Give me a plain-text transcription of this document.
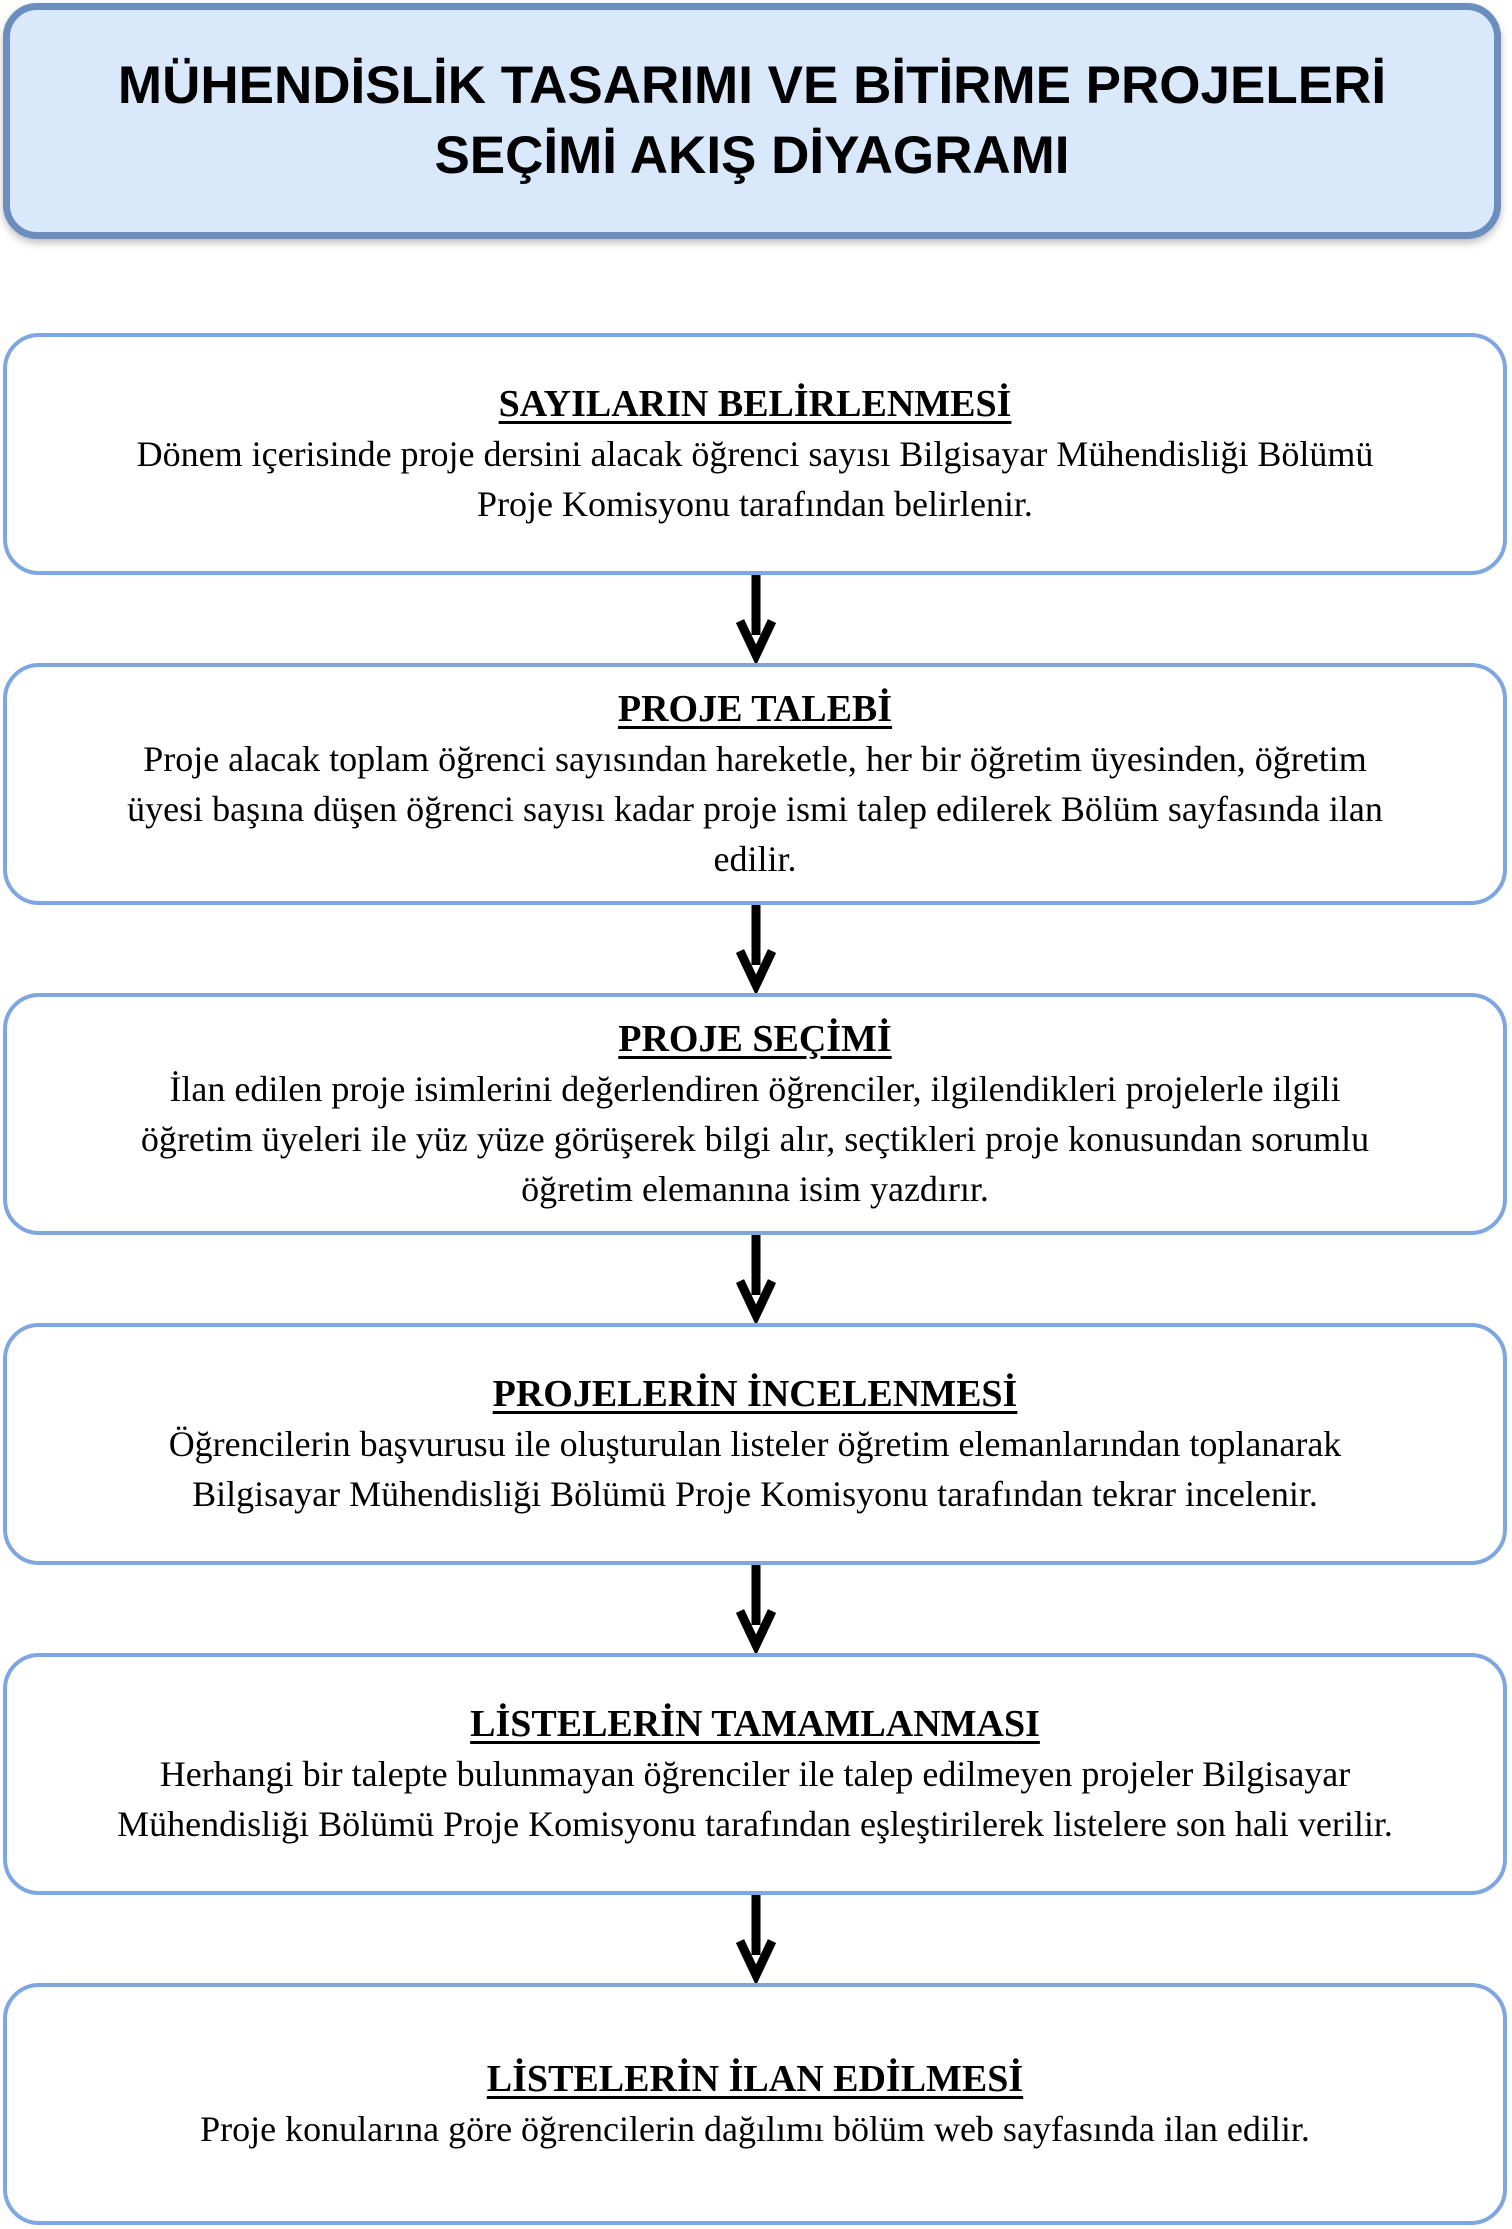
MÜHENDİSLİK TASARIMI VE BİTİRME PROJELERİ
SEÇİMİ AKIŞ DİYAGRAMI
SAYILARIN BELİRLENMESİ
Dönem içerisinde proje dersini alacak öğrenci sayısı Bilgisayar Mühendisliği Bölümü
Proje Komisyonu tarafından belirlenir.
PROJE TALEBİ
Proje alacak toplam öğrenci sayısından hareketle, her bir öğretim üyesinden, öğretim
üyesi başına düşen öğrenci sayısı kadar proje ismi talep edilerek Bölüm sayfasında ilan
edilir.
PROJE SEÇİMİ
İlan edilen proje isimlerini değerlendiren öğrenciler, ilgilendikleri projelerle ilgili
öğretim üyeleri ile yüz yüze görüşerek bilgi alır, seçtikleri proje konusundan sorumlu
öğretim elemanına isim yazdırır.
PROJELERİN İNCELENMESİ
Öğrencilerin başvurusu ile oluşturulan listeler öğretim elemanlarından toplanarak
Bilgisayar Mühendisliği Bölümü Proje Komisyonu tarafından tekrar incelenir.
LİSTELERİN TAMAMLANMASI
Herhangi bir talepte bulunmayan öğrenciler ile talep edilmeyen projeler Bilgisayar
Mühendisliği Bölümü Proje Komisyonu tarafından eşleştirilerek listelere son hali verilir.
LİSTELERİN İLAN EDİLMESİ
Proje konularına göre öğrencilerin dağılımı bölüm web sayfasında ilan edilir.
